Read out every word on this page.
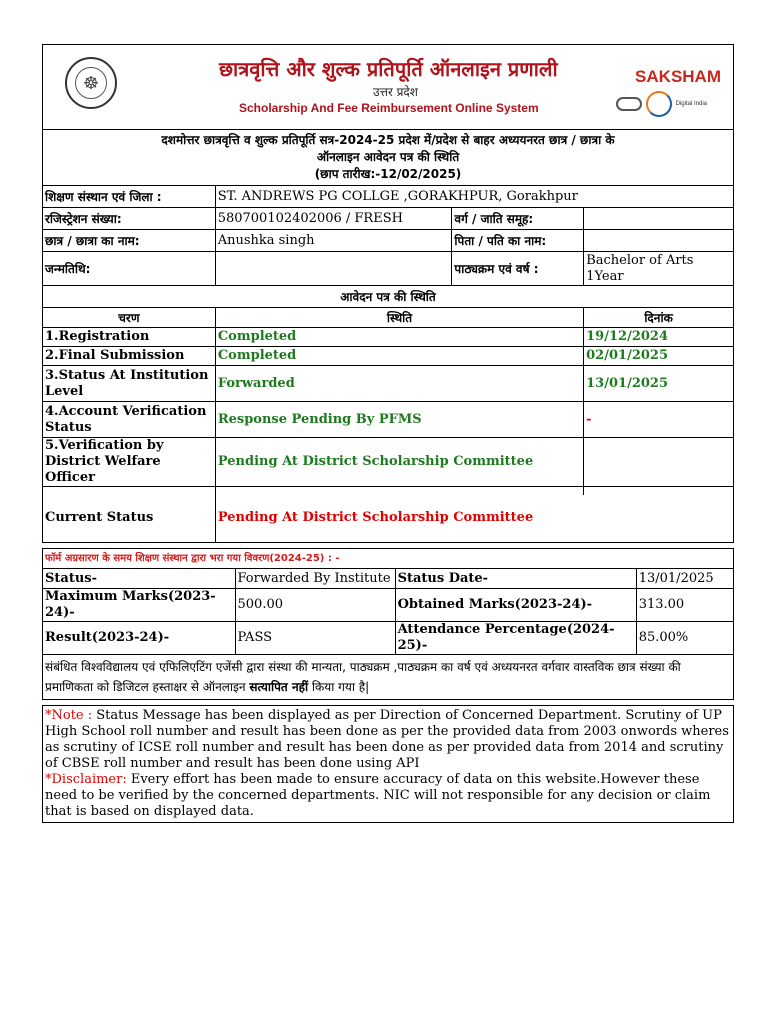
☸
छात्रवृत्ति और शुल्क प्रतिपूर्ति ऑनलाइन प्रणाली
उत्तर प्रदेश
Scholarship And Fee Reimbursement Online System
SAKSHAM
Digital India
दशमोत्तर छात्रवृत्ति व शुल्क प्रतिपूर्ति सत्र-2024-25 प्रदेश में/प्रदेश से बाहर अध्ययनरत छात्र / छात्रा के
ऑनलाइन आवेदन पत्र की स्थिति
(छाप तारीख:-12/02/2025)			

शिक्षण संस्थान एवं जिला :	ST. ANDREWS PG COLLGE ,GORAKHPUR, Gorakhpur		
रजिस्ट्रेशन संख्या:	580700102402006 / FRESH	वर्ग / जाति समूह:	
छात्र / छात्रा का नाम:	Anushka singh	पिता / पति का नाम:	
जन्मतिथि:		पाठ्यक्रम एवं वर्ष :	Bachelor of Arts
1Year

आवेदन पत्र की स्थिति			
चरण	स्थिति	दिनांक
1.Registration	Completed	19/12/2024
2.Final Submission	Completed	02/01/2025
3.Status At Institution Level	Forwarded	13/01/2025
4.Account Verification Status	Response Pending By PFMS	-
5.Verification by District Welfare Officer	Pending At District Scholarship Committee	

Current Status	Pending At District Scholarship Committee	
फॉर्म अग्रसारण के समय शिक्षण संस्थान द्वारा भरा गया विवरण(2024-25) : -			
Status-	Forwarded By Institute	Status Date-	13/01/2025
Maximum Marks(2023-24)-	500.00	Obtained Marks(2023-24)-	313.00
Result(2023-24)-	PASS	Attendance Percentage(2024-25)-	85.00%
संबंधित विश्वविद्यालय एवं एफिलिएटिंग एजेंसी द्वारा संस्था की मान्यता, पाठ्यक्रम ,पाठ्यक्रम का वर्ष एवं अध्ययनरत वर्गवार वास्तविक छात्र संख्या की प्रमाणिकता को डिजिटल हस्ताक्षर से ऑनलाइन सत्यापित नहीं किया गया है|			
*Note : Status Message has been displayed as per Direction of Concerned Department. Scrutiny of UP High School roll number and result has been done as per the provided data from 2003 onwords wheres as scrutiny of ICSE roll number and result has been done as per provided data from 2014 and scrutiny of CBSE roll number and result has been done using API
*Disclaimer: Every effort has been made to ensure accuracy of data on this website.However these need to be verified by the concerned departments. NIC will not responsible for any decision or claim that is based on displayed data.
